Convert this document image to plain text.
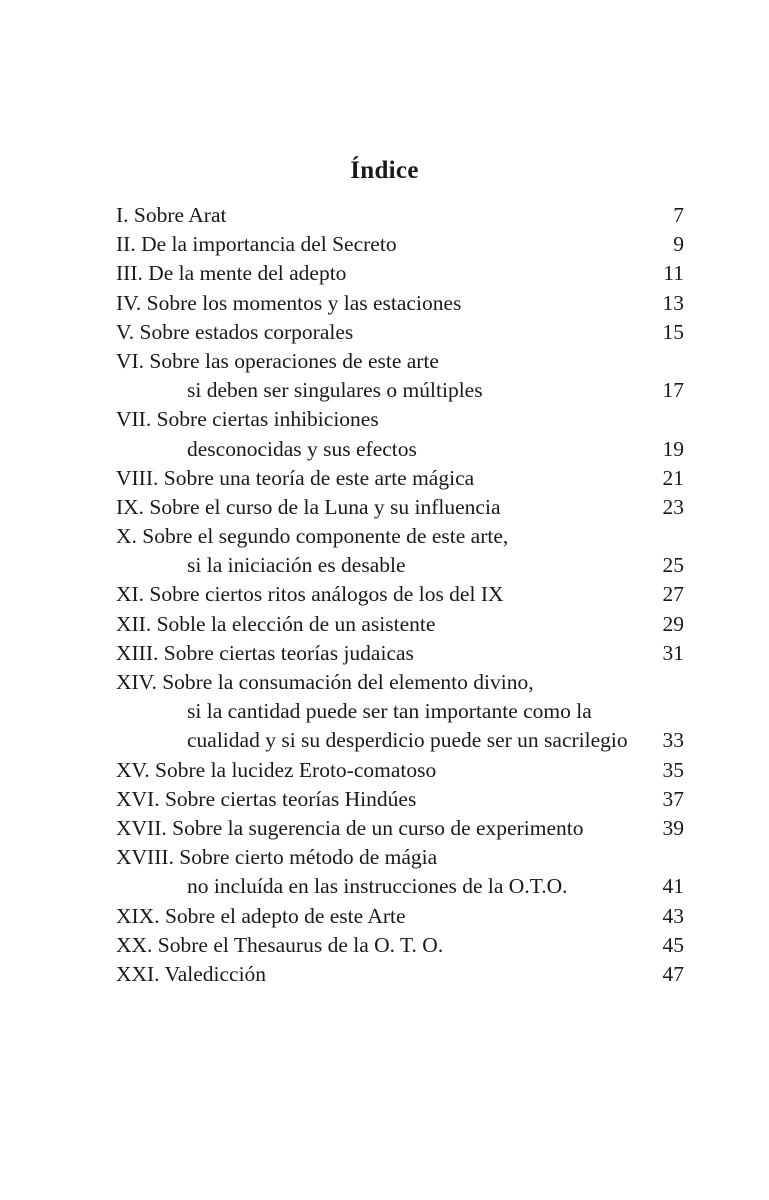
Índice
I. Sobre Arat	7
II. De la importancia del Secreto	9
III. De la mente del adepto	11
IV. Sobre los momentos y las estaciones	13
V. Sobre estados corporales	15
VI. Sobre las operaciones de este arte
si deben ser singulares o múltiples	17
VII. Sobre ciertas inhibiciones
desconocidas y sus efectos	19
VIII. Sobre una teoría de este arte mágica	21
IX. Sobre el curso de la Luna y su influencia	23
X. Sobre el segundo componente de este arte,
si la iniciación es desable	25
XI. Sobre ciertos ritos análogos de los del IX	27
XII. Soble la elección de un asistente	29
XIII. Sobre ciertas teorías judaicas	31
XIV. Sobre la consumación del elemento divino,
si la cantidad puede ser tan importante como la
cualidad y si su desperdicio puede ser un sacrilegio 33
XV. Sobre la lucidez Eroto-comatoso	35
XVI. Sobre ciertas teorías Hindúes	37
XVII. Sobre la sugerencia de un curso de experimento	39
XVIII. Sobre cierto método de mágia
no incluída en las instrucciones de la O.T.O.	41
XIX. Sobre el adepto de este Arte	43
XX. Sobre el Thesaurus de la O. T. O.	45
XXI. Valedicción	47
